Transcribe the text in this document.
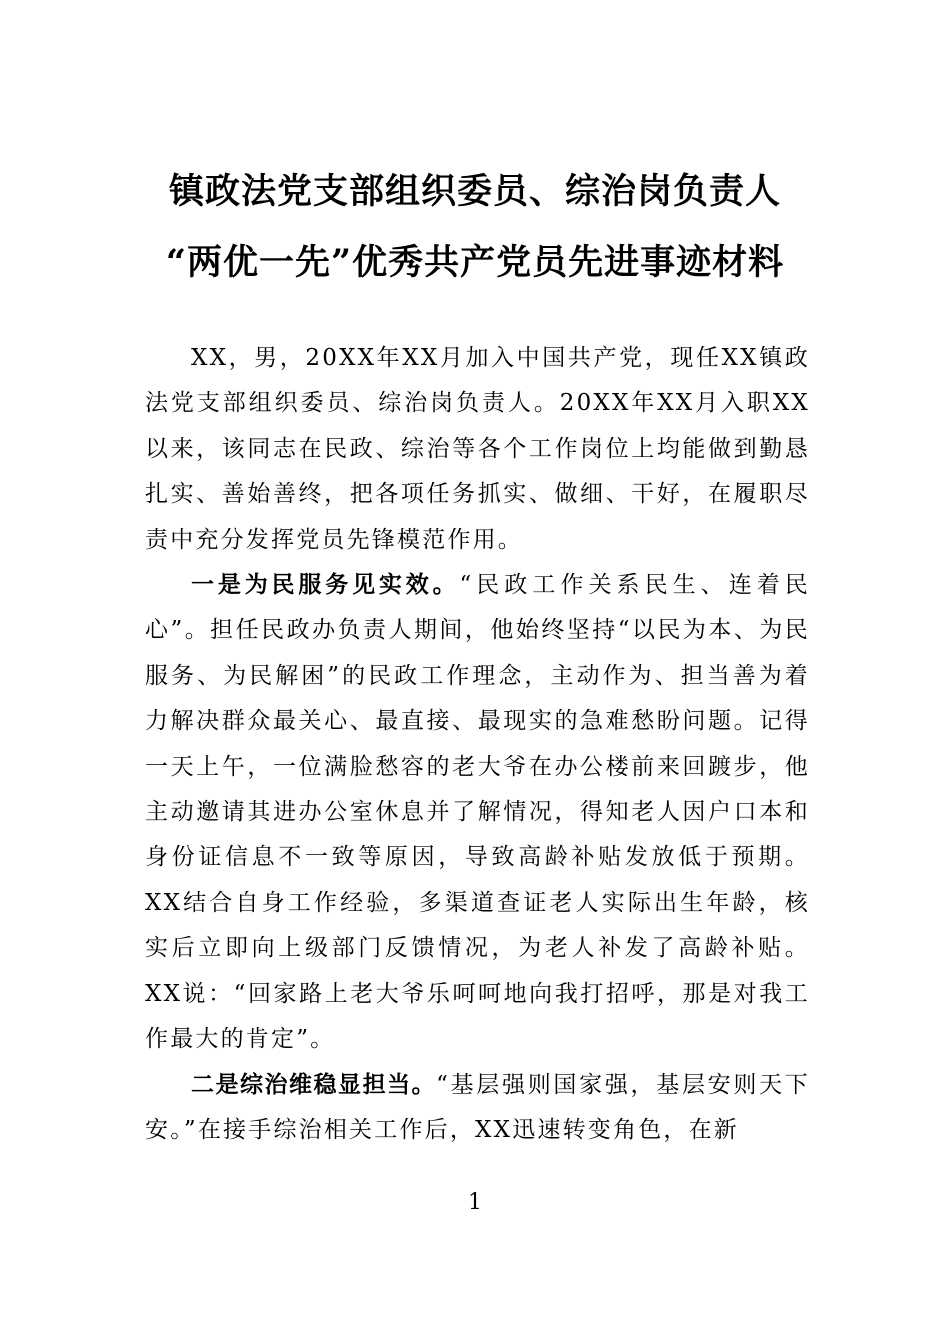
镇政法党支部组织委员、综治岗负责人
“两优一先”优秀共产党员先进事迹材料

XX，男，20XX年XX月加入中国共产党，现任XX镇政法党支部组织委员、综治岗负责人。20XX年XX月入职XX以来，该同志在民政、综治等各个工作岗位上均能做到勤恳扎实、善始善终，把各项任务抓实、做细、干好，在履职尽责中充分发挥党员先锋模范作用。

一是为民服务见实效。“民政工作关系民生、连着民心”。担任民政办负责人期间，他始终坚持“以民为本、为民服务、为民解困”的民政工作理念，主动作为、担当善为着力解决群众最关心、最直接、最现实的急难愁盼问题。记得一天上午，一位满脸愁容的老大爷在办公楼前来回踱步，他主动邀请其进办公室休息并了解情况，得知老人因户口本和身份证信息不一致等原因，导致高龄补贴发放低于预期。XX结合自身工作经验，多渠道查证老人实际出生年龄，核实后立即向上级部门反馈情况，为老人补发了高龄补贴。XX说：“回家路上老大爷乐呵呵地向我打招呼，那是对我工作最大的肯定”。

二是综治维稳显担当。“基层强则国家强，基层安则天下安。”在接手综治相关工作后，XX迅速转变角色，在新

1
